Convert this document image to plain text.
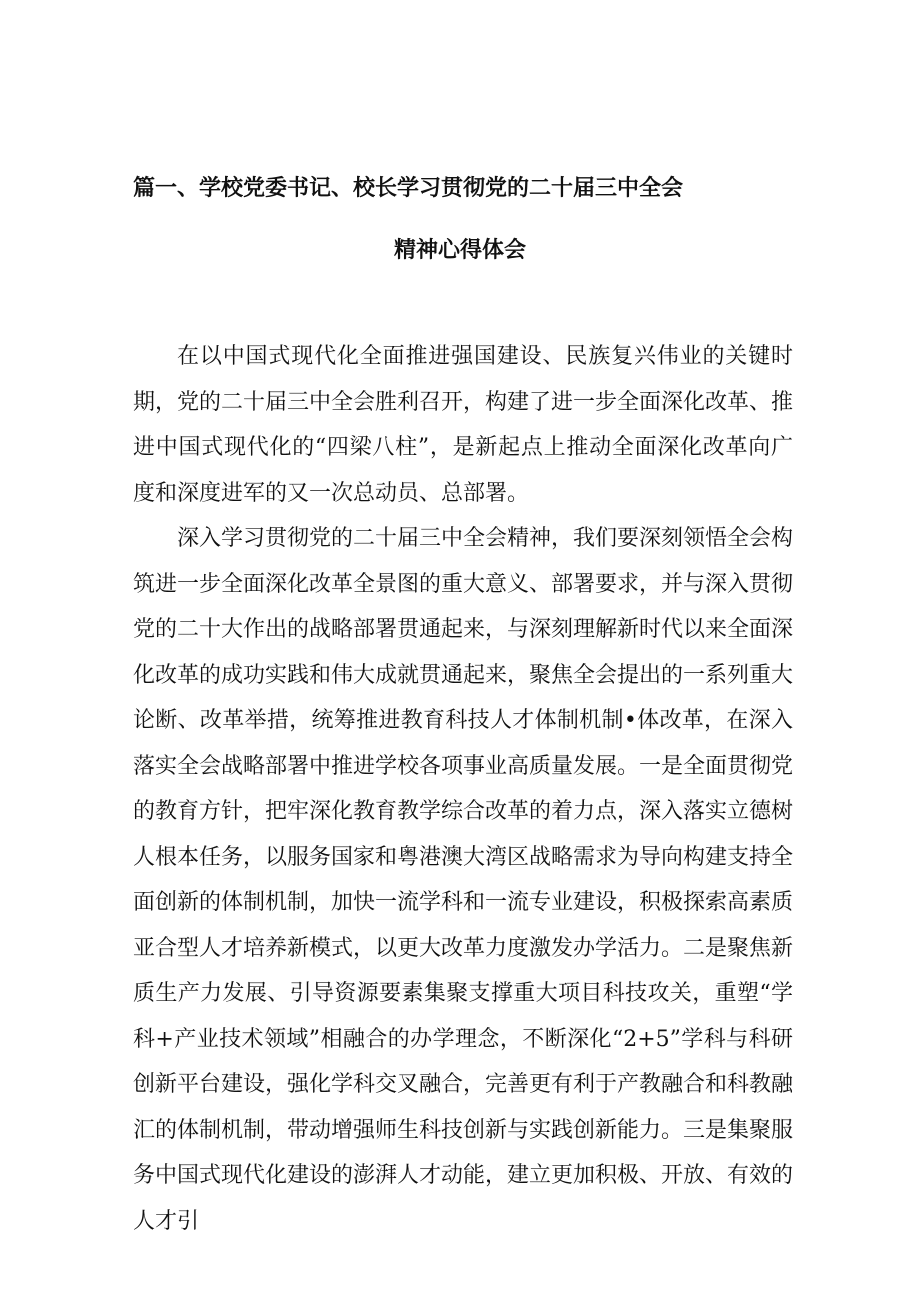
篇一、学校党委书记、校长学习贯彻党的二十届三中全会
精神心得体会

在以中国式现代化全面推进强国建设、民族复兴伟业的关键时期，党的二十届三中全会胜利召开，构建了进一步全面深化改革、推进中国式现代化的“四梁八柱”，是新起点上推动全面深化改革向广度和深度进军的又一次总动员、总部署。

深入学习贯彻党的二十届三中全会精神，我们要深刻领悟全会构筑进一步全面深化改革全景图的重大意义、部署要求，并与深入贯彻党的二十大作出的战略部署贯通起来，与深刻理解新时代以来全面深化改革的成功实践和伟大成就贯通起来，聚焦全会提出的一系列重大论断、改革举措，统筹推进教育科技人才体制机制•体改革，在深入落实全会战略部署中推进学校各项事业高质量发展。一是全面贯彻党的教育方针，把牢深化教育教学综合改革的着力点，深入落实立德树人根本任务，以服务国家和粤港澳大湾区战略需求为导向构建支持全面创新的体制机制，加快一流学科和一流专业建设，积极探索高素质亚合型人才培养新模式，以更大改革力度激发办学活力。二是聚焦新质生产力发展、引导资源要素集聚支撑重大项目科技攻关，重塑“学科+产业技术领域”相融合的办学理念，不断深化“2+5”学科与科研创新平台建设，强化学科交叉融合，完善更有利于产教融合和科教融汇的体制机制，带动增强师生科技创新与实践创新能力。三是集聚服务中国式现代化建设的澎湃人才动能，建立更加积极、开放、有效的人才引
